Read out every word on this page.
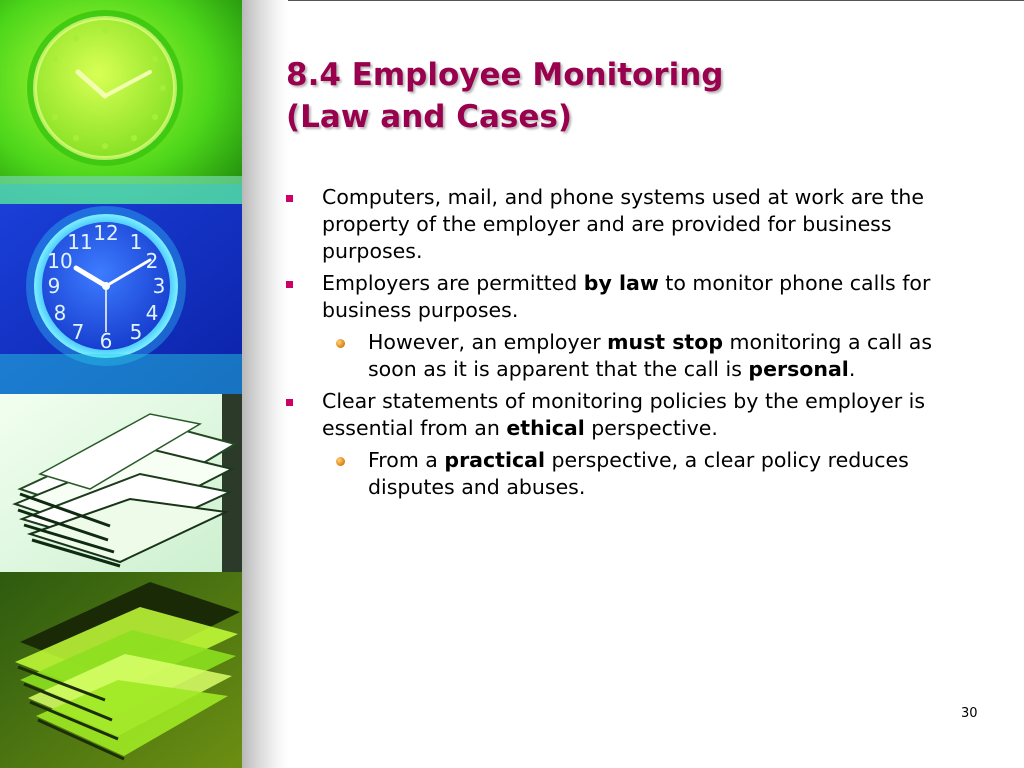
12 1
2
3
4
5
6
7
8
9
10
11
8.4 Employee Monitoring
(Law and Cases)
Computers, mail, and phone systems used at work are the property of the employer and are provided for business purposes.
Employers are permitted by law to monitor phone calls for business purposes.
However, an employer must stop monitoring a call as soon as it is apparent that the call is personal.
Clear statements of monitoring policies by the employer is essential from an ethical perspective.
From a practical perspective, a clear policy reduces disputes and abuses.
30
